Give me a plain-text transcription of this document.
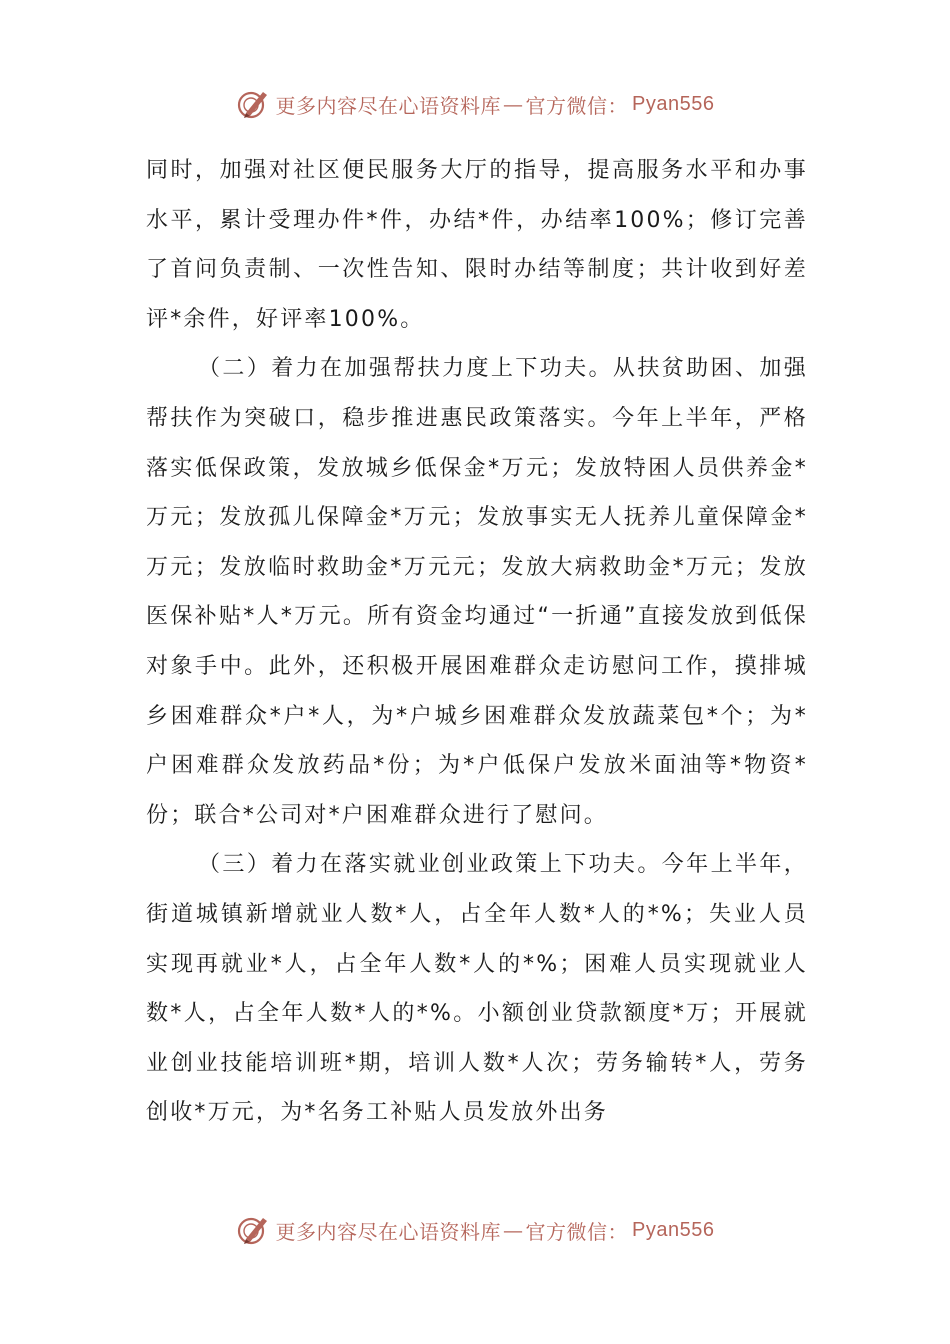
更多内容尽在心语资料库 — 官方微信： Pyan556

同时，加强对社区便民服务大厅的指导，提高服务水平和办事水平，累计受理办件*件，办结*件，办结率100%；修订完善了首问负责制、一次性告知、限时办结等制度；共计收到好差评*余件，好评率100%。

（二）着力在加强帮扶力度上下功夫。从扶贫助困、加强帮扶作为突破口，稳步推进惠民政策落实。今年上半年，严格落实低保政策，发放城乡低保金*万元；发放特困人员供养金*万元；发放孤儿保障金*万元；发放事实无人抚养儿童保障金*万元；发放临时救助金*万元元；发放大病救助金*万元；发放医保补贴*人*万元。所有资金均通过“一折通”直接发放到低保对象手中。此外，还积极开展困难群众走访慰问工作，摸排城乡困难群众*户*人，为*户城乡困难群众发放蔬菜包*个；为*户困难群众发放药品*份；为*户低保户发放米面油等*物资*份；联合*公司对*户困难群众进行了慰问。

（三）着力在落实就业创业政策上下功夫。今年上半年，街道城镇新增就业人数*人，占全年人数*人的*%；失业人员实现再就业*人，占全年人数*人的*%；困难人员实现就业人数*人，占全年人数*人的*%。小额创业贷款额度*万；开展就业创业技能培训班*期，培训人数*人次；劳务输转*人，劳务创收*万元，为*名务工补贴人员发放外出务

更多内容尽在心语资料库 — 官方微信： Pyan556
